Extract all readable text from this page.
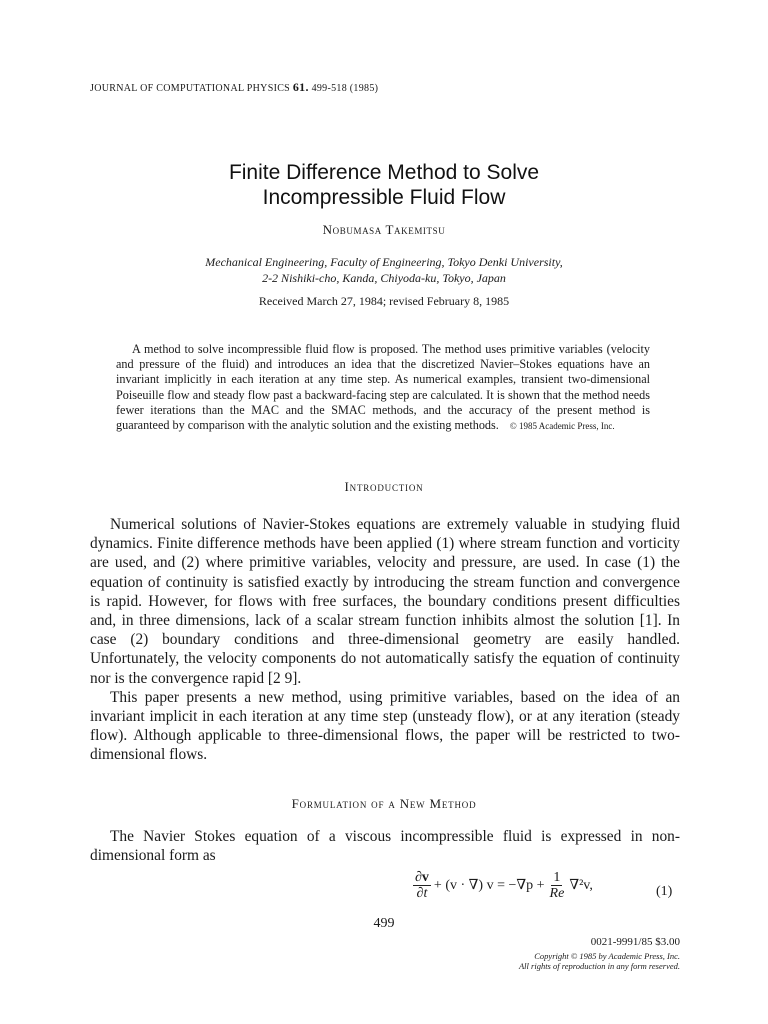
JOURNAL OF COMPUTATIONAL PHYSICS 61. 499-518 (1985)
Finite Difference Method to Solve
Incompressible Fluid Flow
Nobumasa Takemitsu
Mechanical Engineering, Faculty of Engineering, Tokyo Denki University,
2-2 Nishiki-cho, Kanda, Chiyoda-ku, Tokyo, Japan
Received March 27, 1984; revised February 8, 1985
A method to solve incompressible fluid flow is proposed. The method uses primitive variables (velocity and pressure of the fluid) and introduces an idea that the discretized Navier–Stokes equations have an invariant implicitly in each iteration at any time step. As numerical examples, transient two-dimensional Poiseuille flow and steady flow past a backward-facing step are calculated. It is shown that the method needs fewer iterations than the MAC and the SMAC methods, and the accuracy of the present method is guaranteed by comparison with the analytic solution and the existing methods. © 1985 Academic Press, Inc.
Introduction

Numerical solutions of Navier-Stokes equations are extremely valuable in studying fluid dynamics. Finite difference methods have been applied (1) where stream function and vorticity are used, and (2) where primitive variables, velocity and pressure, are used. In case (1) the equation of continuity is satisfied exactly by introducing the stream function and convergence is rapid. However, for flows with free surfaces, the boundary conditions present difficulties and, in three dimensions, lack of a scalar stream function inhibits almost the solution [1]. In case (2) boundary conditions and three-dimensional geometry are easily handled. Unfortunately, the velocity components do not automatically satisfy the equation of continuity nor is the convergence rapid [2 9].

This paper presents a new method, using primitive variables, based on the idea of an invariant implicit in each iteration at any time step (unsteady flow), or at any iteration (steady flow). Although applicable to three-dimensional flows, the paper will be restricted to two-dimensional flows.

Formulation of a New Method

The Navier Stokes equation of a viscous incompressible fluid is expressed in non-dimensional form as

$\frac{\partial v}{\partial t} + (v$ · ∇) $v = -\nabla p + \frac{1}{Re} \nabla^2v$,	(1)
499
0021-9991/85 $3.00
Copyright © 1985 by Academic Press, Inc.
All rights of reproduction in any form reserved.
